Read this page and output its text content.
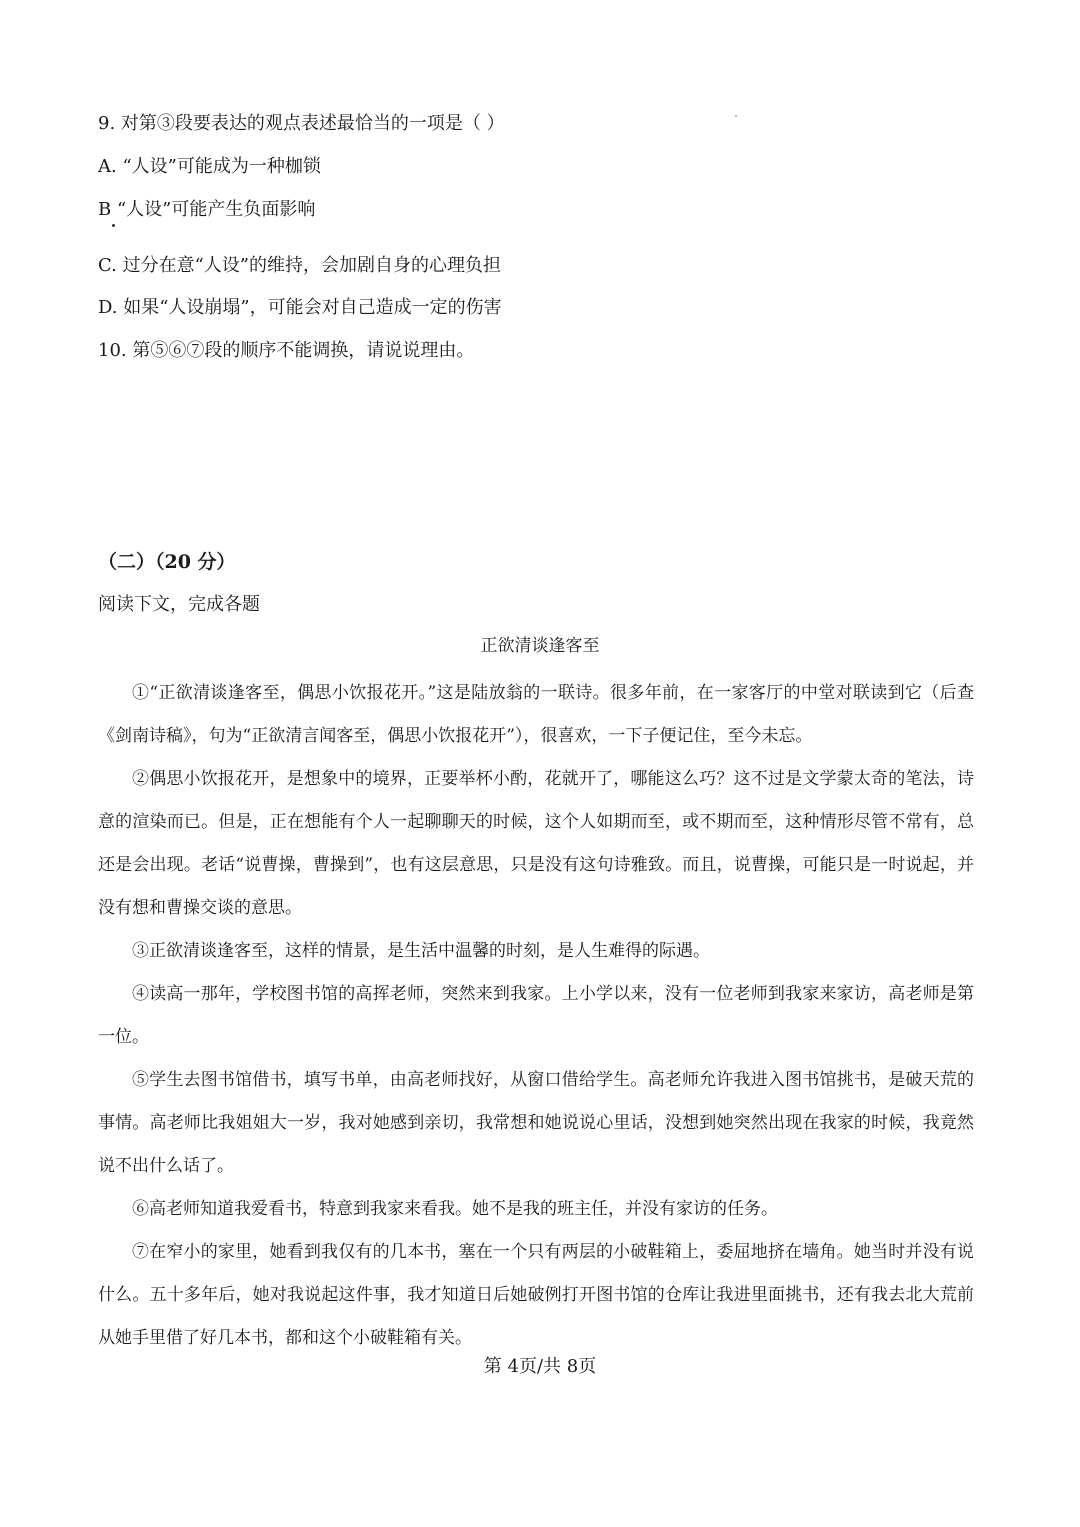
9. 对第③段要表达的观点表述最恰当的一项是（ ）
A. “人设”可能成为一种枷锁
B “人设”可能产生负面影响
C. 过分在意“人设”的维持，会加剧自身的心理负担
D. 如果“人设崩塌”，可能会对自己造成一定的伤害
10. 第⑤⑥⑦段的顺序不能调换，请说说理由。
（二）（20 分）
阅读下文，完成各题
正欲清谈逢客至

①“正欲清谈逢客至，偶思小饮报花开。”这是陆放翁的一联诗。很多年前，在一家客厅的中堂对联读到它（后查《剑南诗稿》，句为“正欲清言闻客至，偶思小饮报花开”），很喜欢，一下子便记住，至今未忘。

②偶思小饮报花开，是想象中的境界，正要举杯小酌，花就开了，哪能这么巧？这不过是文学蒙太奇的笔法，诗意的渲染而已。但是，正在想能有个人一起聊聊天的时候，这个人如期而至，或不期而至，这种情形尽管不常有，总还是会出现。老话“说曹操，曹操到”，也有这层意思，只是没有这句诗雅致。而且，说曹操，可能只是一时说起，并没有想和曹操交谈的意思。

③正欲清谈逢客至，这样的情景，是生活中温馨的时刻，是人生难得的际遇。

④读高一那年，学校图书馆的高挥老师，突然来到我家。上小学以来，没有一位老师到我家来家访，高老师是第一位。

⑤学生去图书馆借书，填写书单，由高老师找好，从窗口借给学生。高老师允许我进入图书馆挑书，是破天荒的事情。高老师比我姐姐大一岁，我对她感到亲切，我常想和她说说心里话，没想到她突然出现在我家的时候，我竟然说不出什么话了。

⑥高老师知道我爱看书，特意到我家来看我。她不是我的班主任，并没有家访的任务。

⑦在窄小的家里，她看到我仅有的几本书，塞在一个只有两层的小破鞋箱上，委屈地挤在墙角。她当时并没有说什么。五十多年后，她对我说起这件事，我才知道日后她破例打开图书馆的仓库让我进里面挑书，还有我去北大荒前从她手里借了好几本书，都和这个小破鞋箱有关。

第 4页/共 8页
